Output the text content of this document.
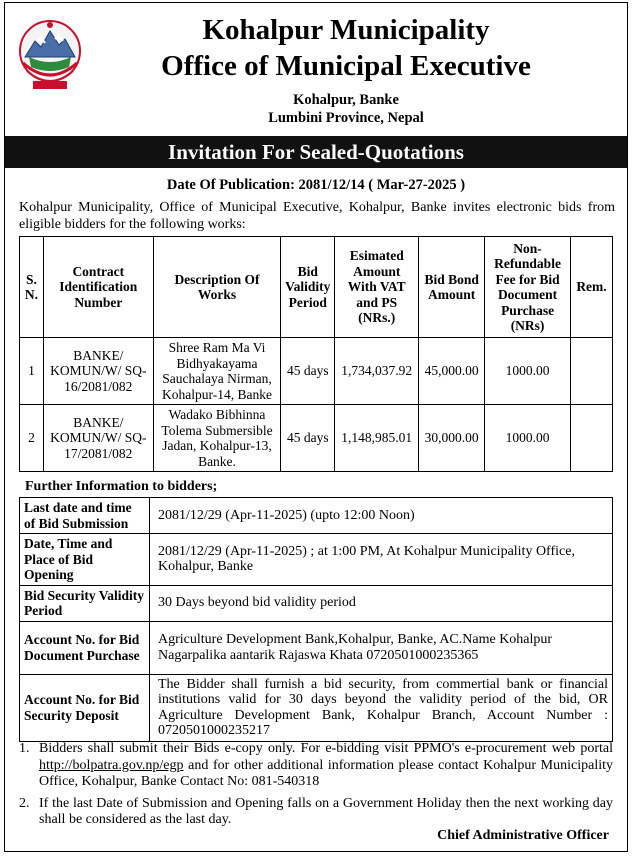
Kohalpur Municipality
Office of Municipal Executive
Kohalpur, Banke
Lumbini Province, Nepal
Invitation For Sealed-Quotations
Date Of Publication: 2081/12/14 ( Mar-27-2025 )
Kohalpur Municipality, Office of Municipal Executive, Kohalpur, Banke invites electronic bids from eligible bidders for the following works:
S. N.	Contract Identification Number	Description Of Works	Bid Validity Period	Esimated Amount With VAT and PS (NRs.)	Bid Bond Amount	Non-Refundable Fee for Bid Document Purchase (NRs)	Rem.
1	BANKE/ KOMUN/W/ SQ-16/2081/082	Shree Ram Ma Vi Bidhyakayama Sauchalaya Nirman, Kohalpur-14, Banke	45 days	1,734,037.92	45,000.00	1000.00	
2	BANKE/ KOMUN/W/ SQ-17/2081/082	Wadako Bibhinna Tolema Submersible Jadan, Kohalpur-13, Banke.	45 days	1,148,985.01	30,000.00	1000.00	
Further Information to bidders;
Last date and time of Bid Submission	2081/12/29 (Apr-11-2025) (upto 12:00 Noon)
Date, Time and Place of Bid Opening	2081/12/29 (Apr-11-2025) ; at 1:00 PM, At Kohalpur Municipality Office, Kohalpur, Banke
Bid Security Validity Period	30 Days beyond bid validity period
Account No. for Bid Document Purchase	Agriculture Development Bank,Kohalpur, Banke, AC.Name Kohalpur Nagarpalika aantarik Rajaswa Khata 0720501000235365
Account No. for Bid Security Deposit	The Bidder shall furnish a bid security, from commertial bank or financial institutions valid for 30 days beyond the validity period of the bid, OR Agriculture Development Bank, Kohalpur Branch, Account Number : 0720501000235217
1. Bidders shall submit their Bids e-copy only. For e-bidding visit PPMO's e-procurement web portal http://bolpatra.gov.np/egp and for other additional information please contact Kohalpur Municipality Office, Kohalpur, Banke Contact No: 081-540318
2. If the last Date of Submission and Opening falls on a Government Holiday then the next working day shall be considered as the last day.
Chief Administrative Officer
